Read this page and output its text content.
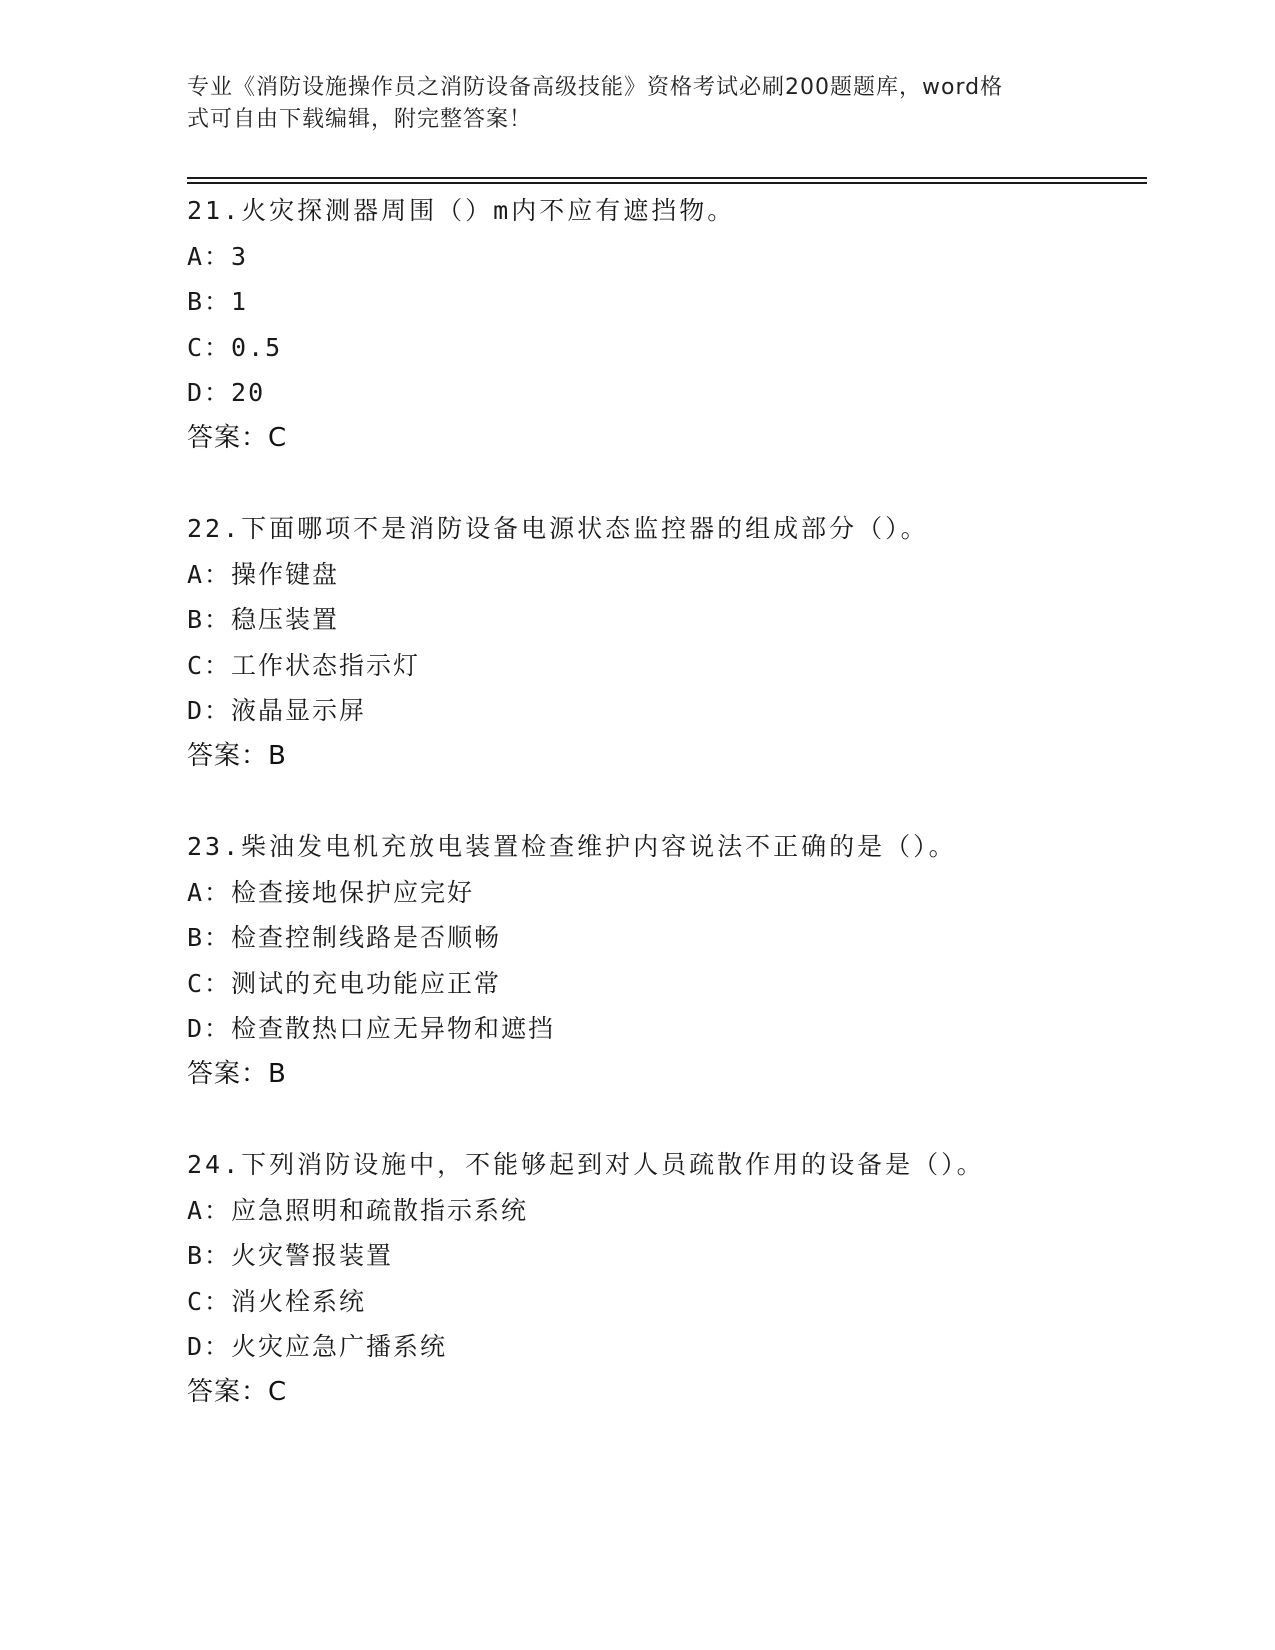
专业《消防设施操作员之消防设备高级技能》资格考试必刷200题题库，word格
式可自由下载编辑，附完整答案！
21.火灾探测器周围（）m内不应有遮挡物。
A：3
B：1
C：0.5
D：20
答案：C
22.下面哪项不是消防设备电源状态监控器的组成部分（）。
A：操作键盘
B：稳压装置
C：工作状态指示灯
D：液晶显示屏
答案：B
23.柴油发电机充放电装置检查维护内容说法不正确的是（）。
A：检查接地保护应完好
B：检查控制线路是否顺畅
C：测试的充电功能应正常
D：检查散热口应无异物和遮挡
答案：B
24.下列消防设施中，不能够起到对人员疏散作用的设备是（）。
A：应急照明和疏散指示系统
B：火灾警报装置
C：消火栓系统
D：火灾应急广播系统
答案：C
